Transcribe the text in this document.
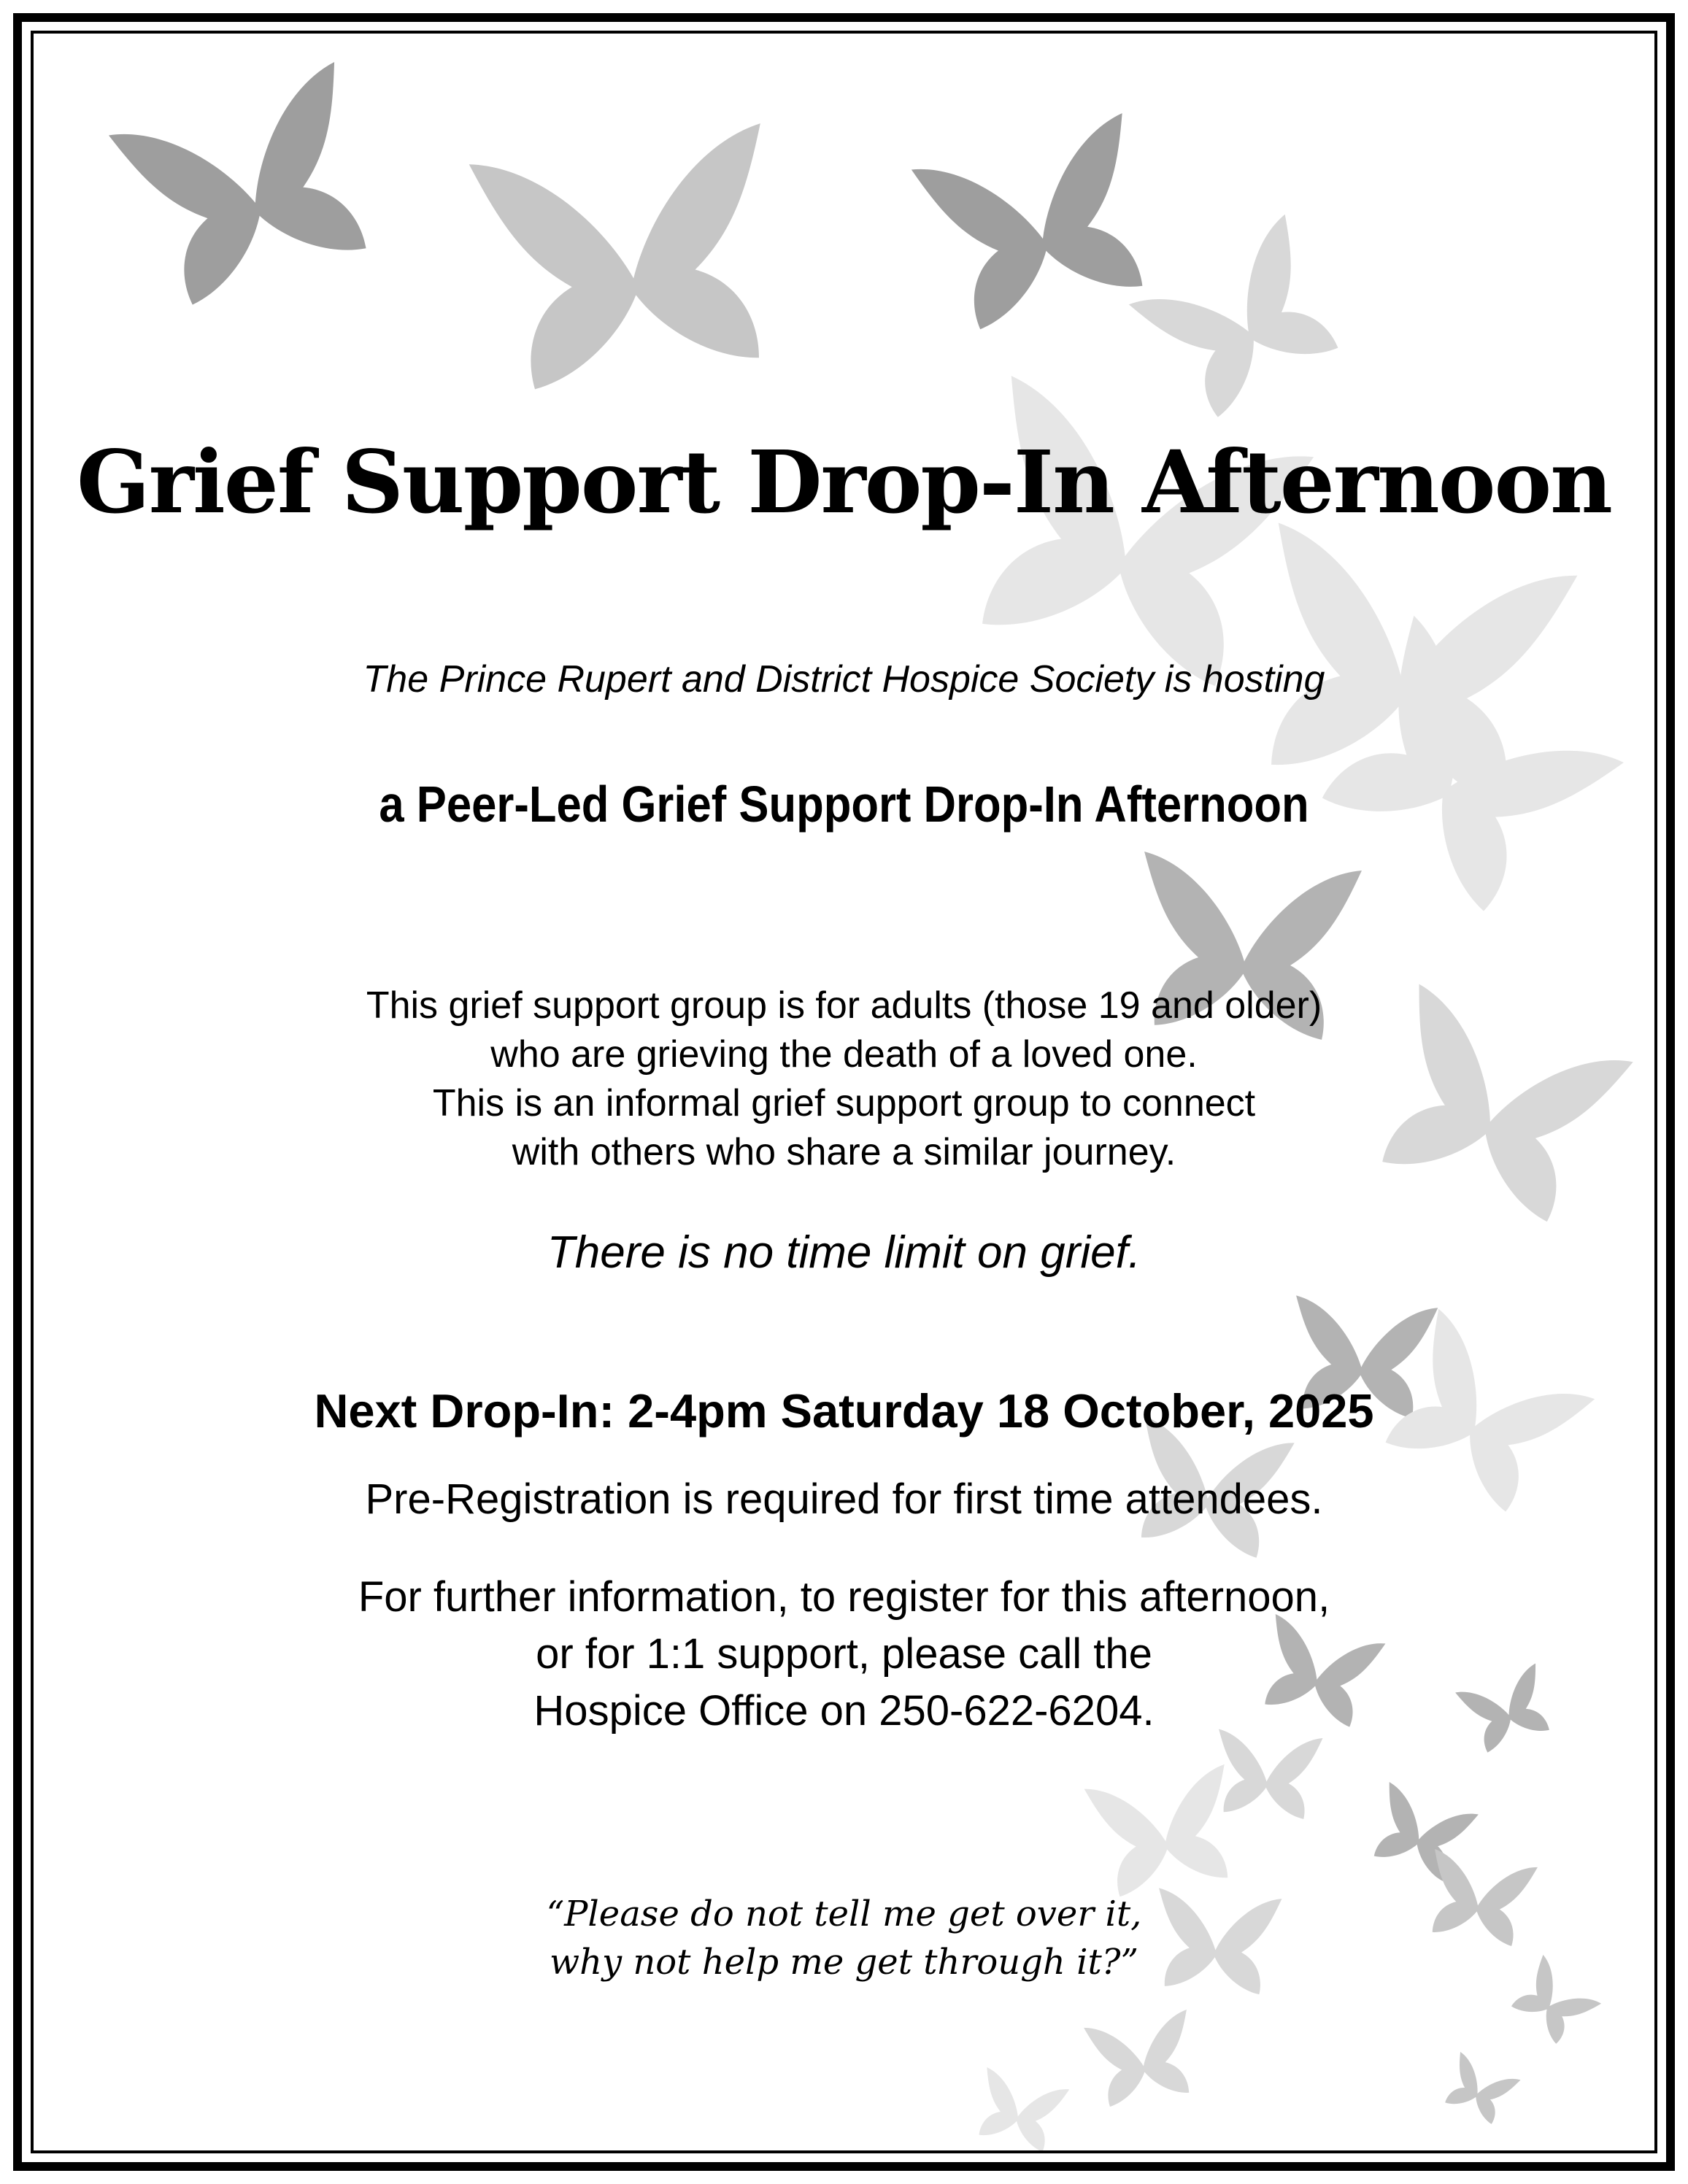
Grief Support Drop-In Afternoon
The Prince Rupert and District Hospice Society is hosting
a Peer-Led Grief Support Drop-In Afternoon
This grief support group is for adults (those 19 and older)
who are grieving the death of a loved one.
This is an informal grief support group to connect
with others who share a similar journey.
There is no time limit on grief.
Next Drop-In: 2-4pm Saturday 18 October, 2025
Pre-Registration is required for first time attendees.
For further information, to register for this afternoon,
or for 1:1 support, please call the
Hospice Office on 250-622-6204.
“Please do not tell me get over it,
why not help me get through it?”
